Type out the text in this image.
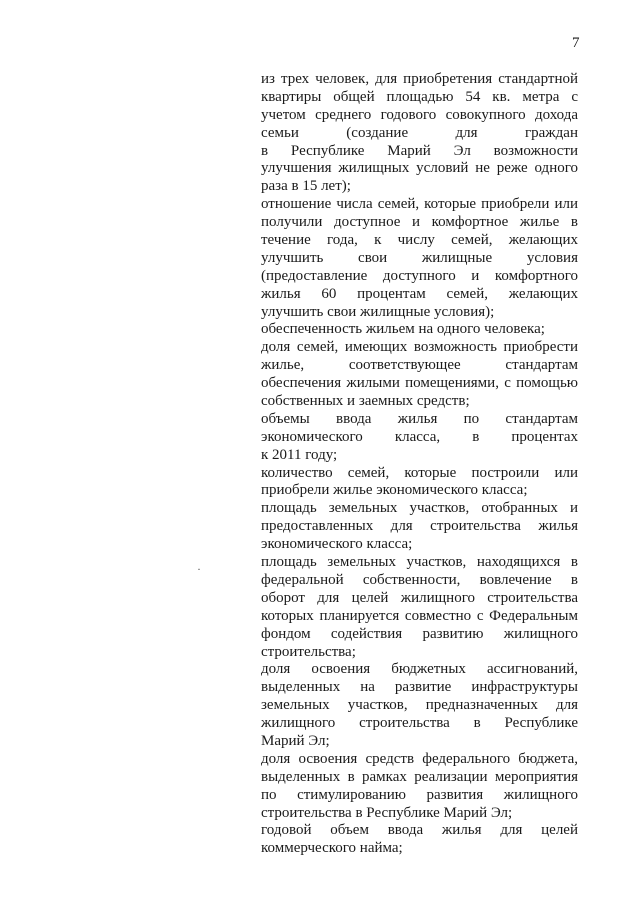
7
·
из трех человек, для приобретения стандартной
квартиры общей площадью 54 кв. метра с
учетом среднего годового совокупного дохода
семьи (создание для граждан
в Республике Марий Эл возможности
улучшения жилищных условий не реже одного
раза в 15 лет);
отношение числа семей, которые приобрели или
получили доступное и комфортное жилье в
течение года, к числу семей, желающих
улучшить свои жилищные условия
(предоставление доступного и комфортного
жилья 60 процентам семей, желающих
улучшить свои жилищные условия);
обеспеченность жильем на одного человека;
доля семей, имеющих возможность приобрести
жилье, соответствующее стандартам
обеспечения жилыми помещениями, с помощью
собственных и заемных средств;
объемы ввода жилья по стандартам
экономического класса, в процентах
к 2011 году;
количество семей, которые построили или
приобрели жилье экономического класса;
площадь земельных участков, отобранных и
предоставленных для строительства жилья
экономического класса;
площадь земельных участков, находящихся в
федеральной собственности, вовлечение в
оборот для целей жилищного строительства
которых планируется совместно с Федеральным
фондом содействия развитию жилищного
строительства;
доля освоения бюджетных ассигнований,
выделенных на развитие инфраструктуры
земельных участков, предназначенных для
жилищного строительства в Республике
Марий Эл;
доля освоения средств федерального бюджета,
выделенных в рамках реализации мероприятия
по стимулированию развития жилищного
строительства в Республике Марий Эл;
годовой объем ввода жилья для целей
коммерческого найма;
